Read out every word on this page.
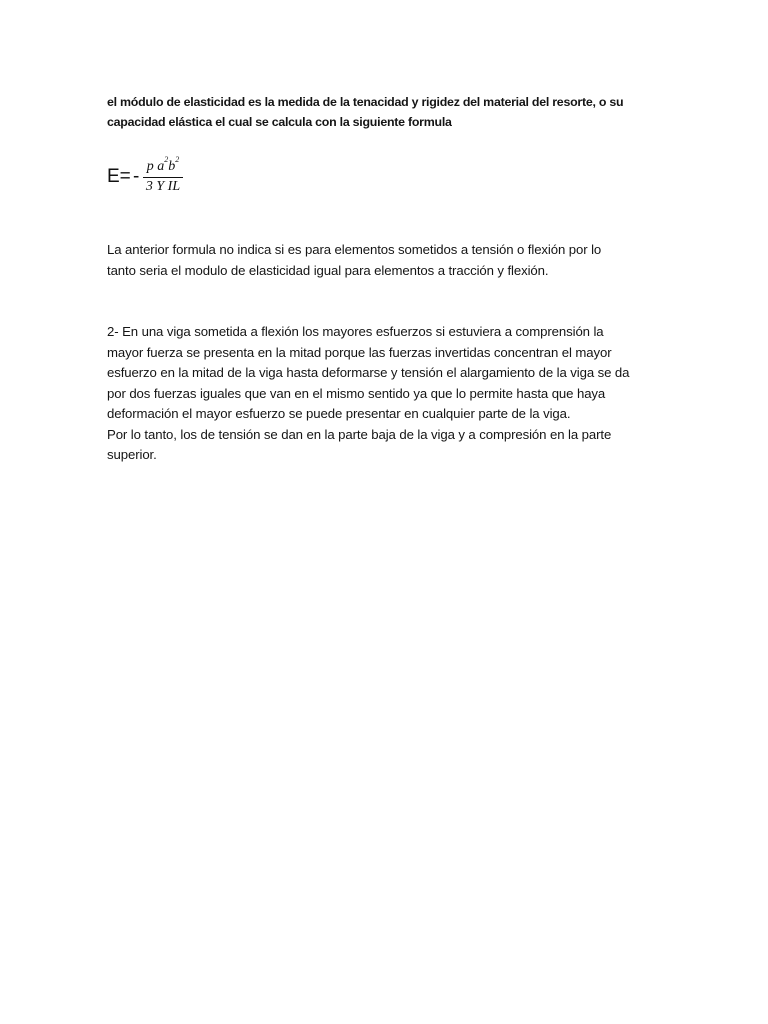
el módulo de elasticidad es la medida de la tenacidad y rigidez del material del resorte, o su
capacidad elástica el cual se calcula con la siguiente formula
E= - p $a^2b^2$
3 Y IL
La anterior formula no indica si es para elementos sometidos a tensión o flexión por lo
tanto seria el modulo de elasticidad igual para elementos a tracción y flexión.
2- En una viga sometida a flexión los mayores esfuerzos si estuviera a comprensión la
mayor fuerza se presenta en la mitad porque las fuerzas invertidas concentran el mayor
esfuerzo en la mitad de la viga hasta deformarse y tensión el alargamiento de la viga se da
por dos fuerzas iguales que van en el mismo sentido ya que lo permite hasta que haya
deformación el mayor esfuerzo se puede presentar en cualquier parte de la viga.
Por lo tanto, los de tensión se dan en la parte baja de la viga y a compresión en la parte
superior.
